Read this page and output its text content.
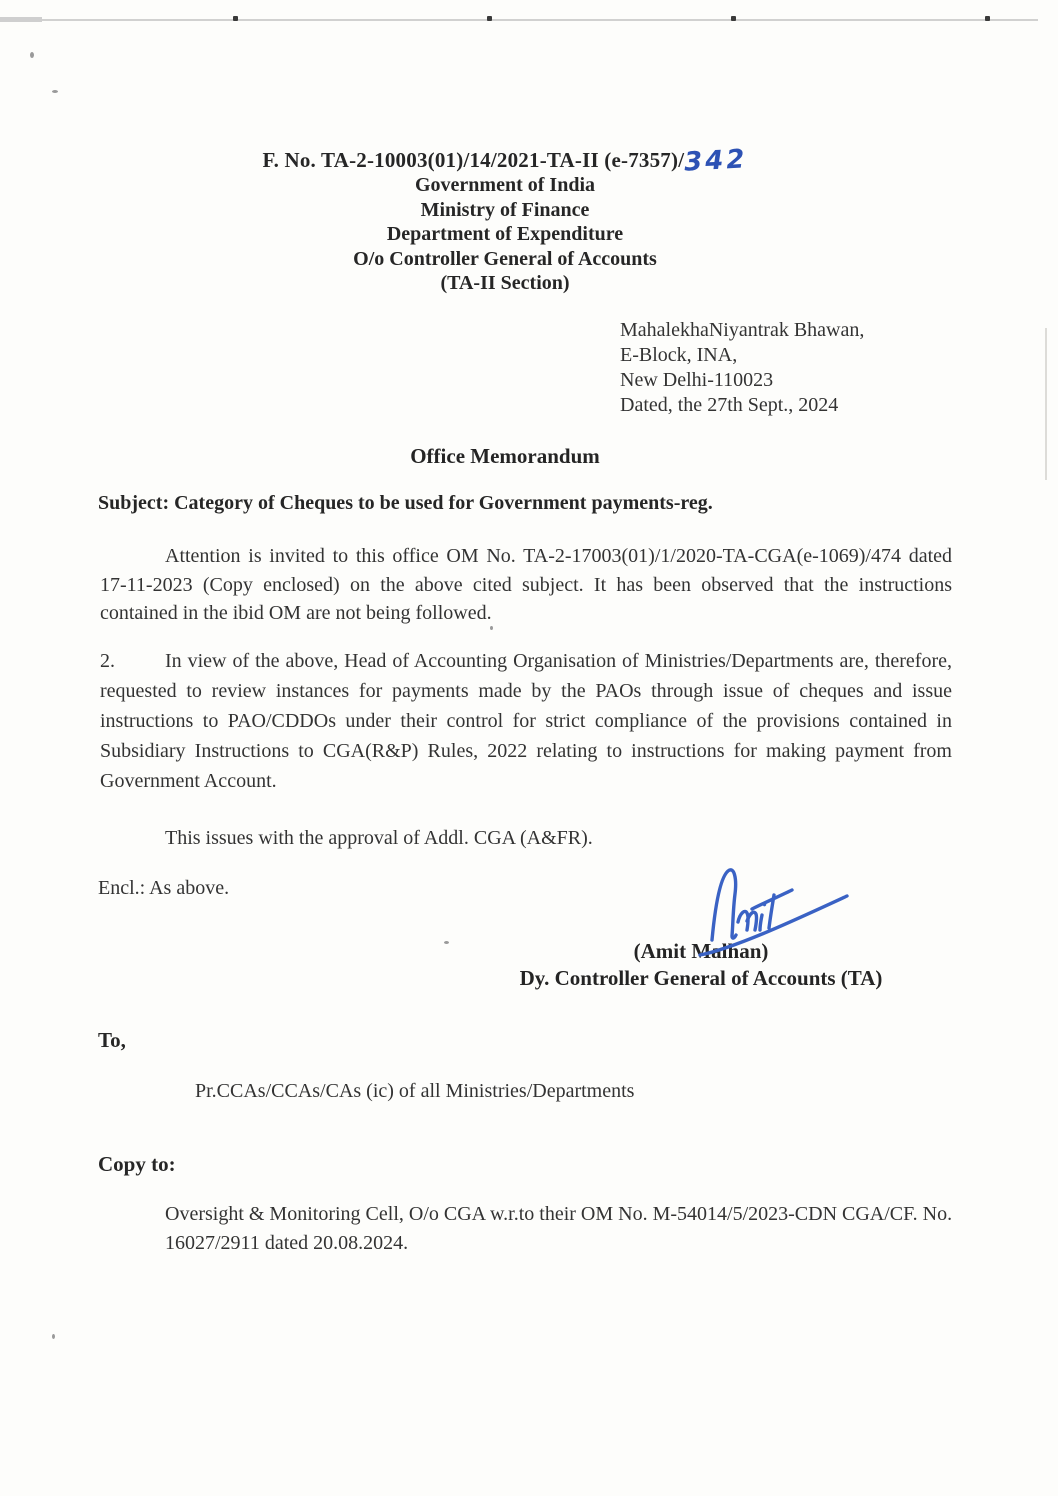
F. No. TA-2-10003(01)/14/2021-TA-II (e-7357)/342
Government of India
Ministry of Finance
Department of Expenditure
O/o Controller General of Accounts
(TA-II Section)
MahalekhaNiyantrak Bhawan,
E-Block, INA,
New Delhi-110023
Dated, the 27th Sept., 2024
Office Memorandum
Subject: Category of Cheques to be used for Government payments-reg.
Attention is invited to this office OM No. TA-2-17003(01)/1/2020-TA-CGA(e-1069)/474 dated 17-11-2023 (Copy enclosed) on the above cited subject. It has been observed that the instructions contained in the ibid OM are not being followed.
2.	In view of the above, Head of Accounting Organisation of Ministries/Departments are, therefore, requested to review instances for payments made by the PAOs through issue of cheques and issue instructions to PAO/CDDOs under their control for strict compliance of the provisions contained in Subsidiary Instructions to CGA(R&P) Rules, 2022 relating to instructions for making payment from Government Account.
This issues with the approval of Addl. CGA (A&FR).
Encl.: As above.
(Amit Malhan)
Dy. Controller General of Accounts (TA)
To,
Pr.CCAs/CCAs/CAs (ic) of all Ministries/Departments
Copy to:
Oversight & Monitoring Cell, O/o CGA w.r.to their OM No. M-54014/5/2023-CDN CGA/CF. No. 16027/2911 dated 20.08.2024.
